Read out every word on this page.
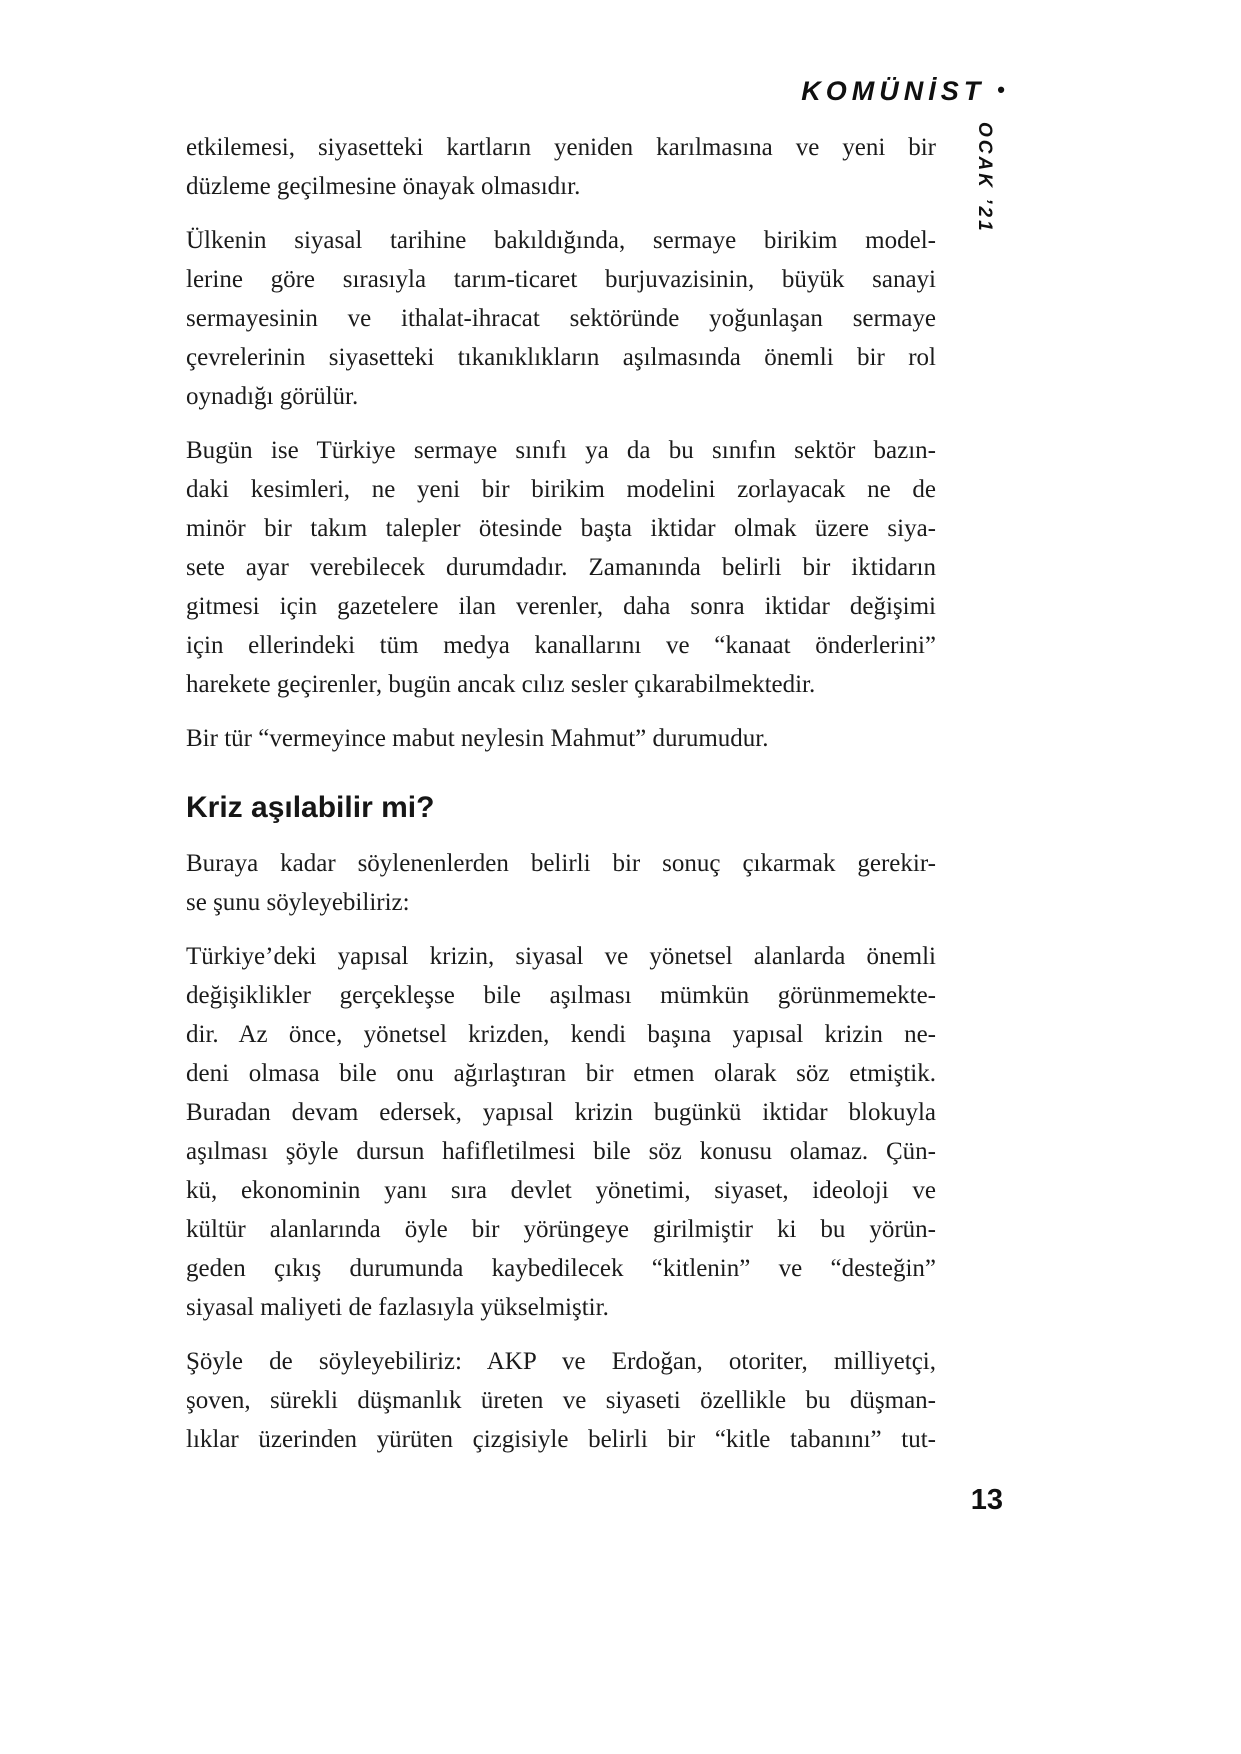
KOMÜNİST •
OCAK ’21
etkilemesi, siyasetteki kartların yeniden karılmasına ve yeni bir
düzleme geçilmesine önayak olmasıdır.
Ülkenin siyasal tarihine bakıldığında, sermaye birikim model-
lerine göre sırasıyla tarım-ticaret burjuvazisinin, büyük sanayi
sermayesinin ve ithalat-ihracat sektöründe yoğunlaşan sermaye
çevrelerinin siyasetteki tıkanıklıkların aşılmasında önemli bir rol
oynadığı görülür.
Bugün ise Türkiye sermaye sınıfı ya da bu sınıfın sektör bazın-
daki kesimleri, ne yeni bir birikim modelini zorlayacak ne de
minör bir takım talepler ötesinde başta iktidar olmak üzere siya-
sete ayar verebilecek durumdadır. Zamanında belirli bir iktidarın
gitmesi için gazetelere ilan verenler, daha sonra iktidar değişimi
için ellerindeki tüm medya kanallarını ve “kanaat önderlerini”
harekete geçirenler, bugün ancak cılız sesler çıkarabilmektedir.
Bir tür “vermeyince mabut neylesin Mahmut” durumudur.
Kriz aşılabilir mi?
Buraya kadar söylenenlerden belirli bir sonuç çıkarmak gerekir-
se şunu söyleyebiliriz:
Türkiye’deki yapısal krizin, siyasal ve yönetsel alanlarda önemli
değişiklikler gerçekleşse bile aşılması mümkün görünmemekte-
dir. Az önce, yönetsel krizden, kendi başına yapısal krizin ne-
deni olmasa bile onu ağırlaştıran bir etmen olarak söz etmiştik.
Buradan devam edersek, yapısal krizin bugünkü iktidar blokuyla
aşılması şöyle dursun hafifletilmesi bile söz konusu olamaz. Çün-
kü, ekonominin yanı sıra devlet yönetimi, siyaset, ideoloji ve
kültür alanlarında öyle bir yörüngeye girilmiştir ki bu yörün-
geden çıkış durumunda kaybedilecek “kitlenin” ve “desteğin”
siyasal maliyeti de fazlasıyla yükselmiştir.
Şöyle de söyleyebiliriz: AKP ve Erdoğan, otoriter, milliyetçi,
şoven, sürekli düşmanlık üreten ve siyaseti özellikle bu düşman-
lıklar üzerinden yürüten çizgisiyle belirli bir “kitle tabanını” tut-
13
